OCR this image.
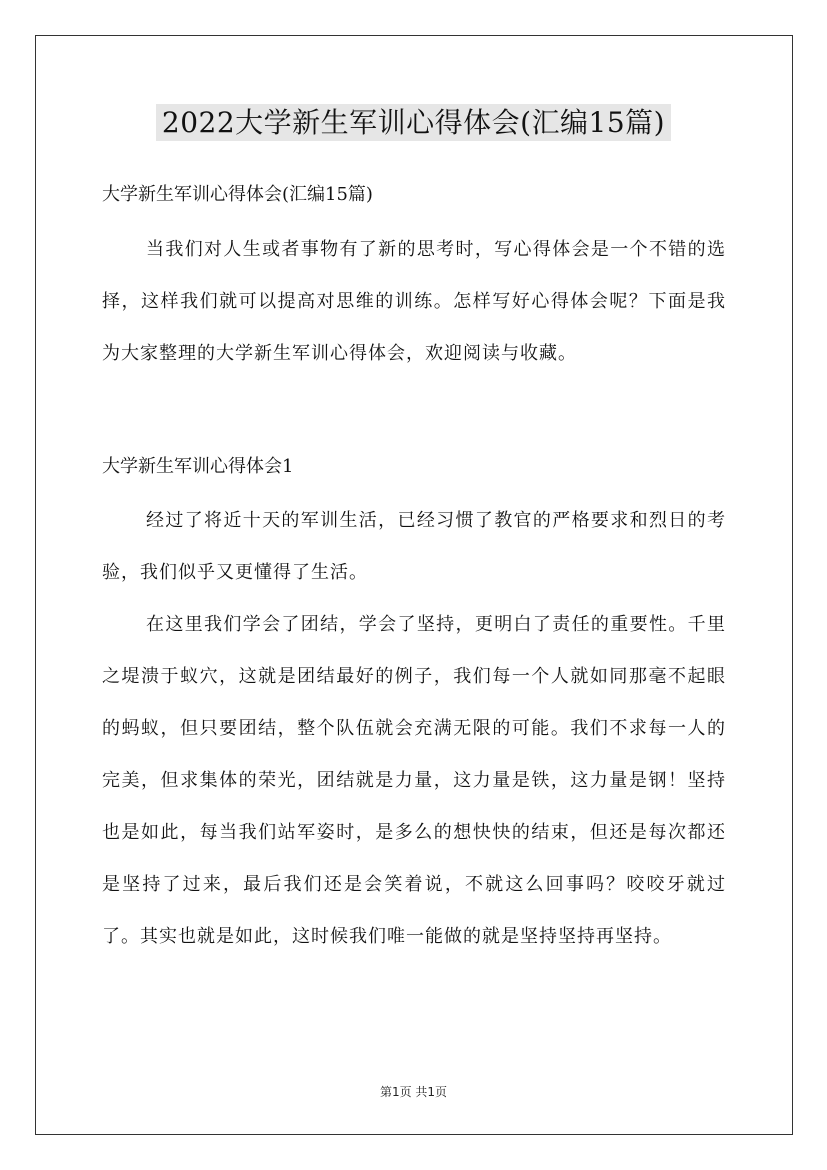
2022大学新生军训心得体会(汇编15篇)
大学新生军训心得体会(汇编15篇)

当我们对人生或者事物有了新的思考时，写心得体会是一个不错的选择，这样我们就可以提高对思维的训练。怎样写好心得体会呢？下面是我为大家整理的大学新生军训心得体会，欢迎阅读与收藏。

大学新生军训心得体会1

经过了将近十天的军训生活，已经习惯了教官的严格要求和烈日的考验，我们似乎又更懂得了生活。

在这里我们学会了团结，学会了坚持，更明白了责任的重要性。千里之堤溃于蚁穴，这就是团结最好的例子，我们每一个人就如同那毫不起眼的蚂蚁，但只要团结，整个队伍就会充满无限的可能。我们不求每一人的完美，但求集体的荣光，团结就是力量，这力量是铁，这力量是钢！坚持也是如此，每当我们站军姿时，是多么的想快快的结束，但还是每次都还是坚持了过来，最后我们还是会笑着说，不就这么回事吗？咬咬牙就过了。其实也就是如此，这时候我们唯一能做的就是坚持坚持再坚持。

第1页 共1页
